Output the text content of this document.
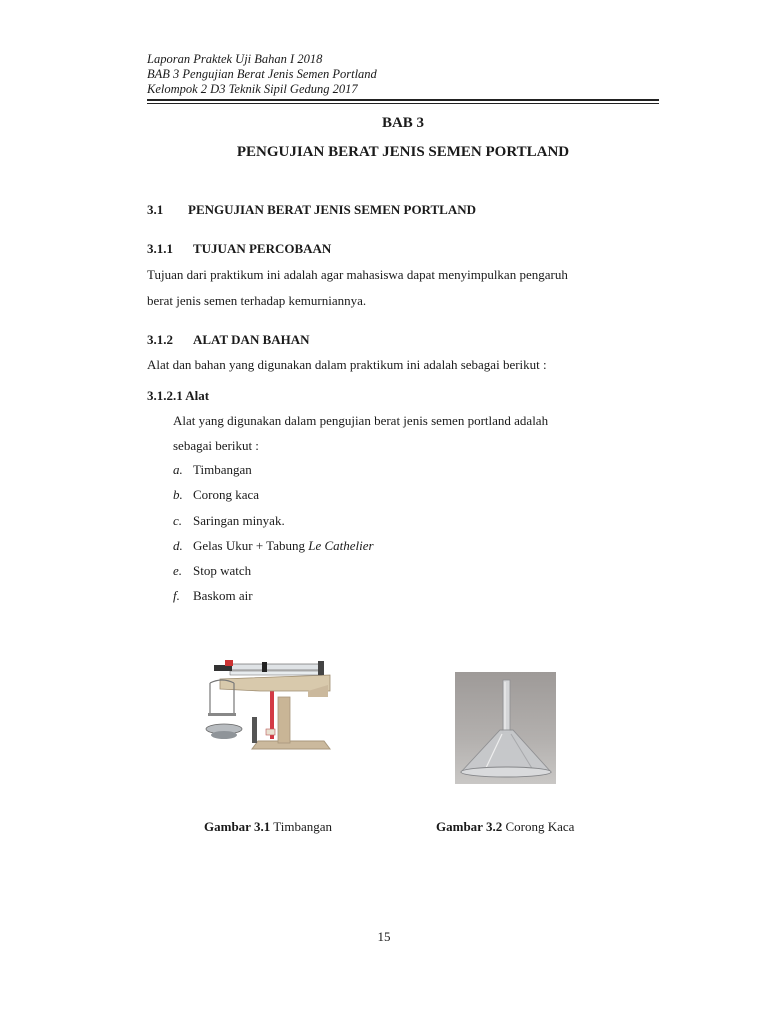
Laporan Praktek Uji Bahan I 2018
BAB 3 Pengujian Berat Jenis Semen Portland
Kelompok 2 D3 Teknik Sipil Gedung 2017
BAB 3
PENGUJIAN BERAT JENIS SEMEN PORTLAND
3.1 PENGUJIAN BERAT JENIS SEMEN PORTLAND
3.1.1 TUJUAN PERCOBAAN
Tujuan dari praktikum ini adalah agar mahasiswa dapat menyimpulkan pengaruh
berat jenis semen terhadap kemurniannya.
3.1.2 ALAT DAN BAHAN
Alat dan bahan yang digunakan dalam praktikum ini adalah sebagai berikut :
3.1.2.1 Alat
Alat yang digunakan dalam pengujian berat jenis semen portland adalah
sebagai berikut :
a. Timbangan
b. Corong kaca
c. Saringan minyak.
d. Gelas Ukur + Tabung Le Cathelier
e. Stop watch
f. Baskom air
Gambar 3.1 Timbangan	Gambar 3.2 Corong Kaca
15
